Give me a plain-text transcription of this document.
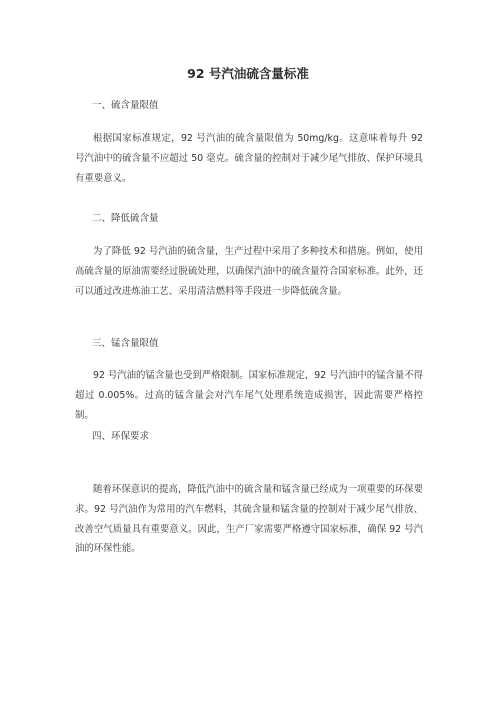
92 号汽油硫含量标准
一、硫含量限值
根据国家标准规定，92 号汽油的硫含量限值为 50mg/kg。这意味着每升 92 号汽油中的硫含量不应超过 50 毫克。硫含量的控制对于减少尾气排放、保护环境具有重要意义。
二、降低硫含量
为了降低 92 号汽油的硫含量，生产过程中采用了多种技术和措施。例如，使用高硫含量的原油需要经过脱硫处理，以确保汽油中的硫含量符合国家标准。此外，还可以通过改进炼油工艺、采用清洁燃料等手段进一步降低硫含量。
三、锰含量限值
92 号汽油的锰含量也受到严格限制。国家标准规定，92 号汽油中的锰含量不得超过 0.005%。过高的锰含量会对汽车尾气处理系统造成损害，因此需要严格控制。
四、环保要求
随着环保意识的提高，降低汽油中的硫含量和锰含量已经成为一项重要的环保要求。92 号汽油作为常用的汽车燃料，其硫含量和锰含量的控制对于减少尾气排放、改善空气质量具有重要意义。因此，生产厂家需要严格遵守国家标准，确保 92 号汽油的环保性能。
